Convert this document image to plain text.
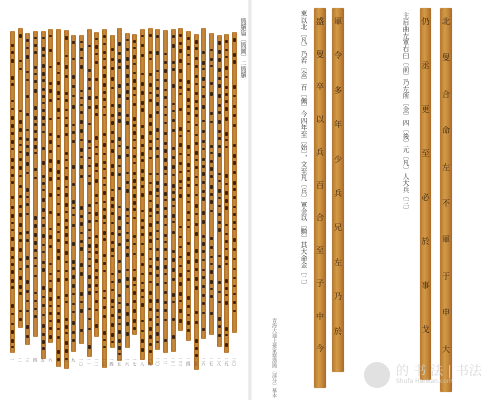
一 二 三 四 五 六 七 八 九 一〇 一一 一二 一三 一四 一五 一六 一七 一八 一九 二〇 二一 二二 二三 二四 二五 二六 二七 二八 二九 三〇
簡牘篇〔簡圖〕二簡牘
青海大通上孫家寨漢簡〔部分〕摹本
束以北〔凡〕乃若〔金〕百〔佩〕今四年至〔始〕，文至凡〔兵〕軍金以〔騎〕其大命金〔二〕	主后曲左軍右臼〔前〕乃左所〔金〕四〔後〕元〔凡〕人大兵〔三〕
盛
叟
卒
以
兵
百
合
至
子
中
今
軍
令
多
年
少
兵
兄
左
乃
於
仍
丞
更
至
必
於
事
戈
北
叟
合
命
左
不
軍
于
申
大
的 书 法 | 书法
Shufa Hankan.com
